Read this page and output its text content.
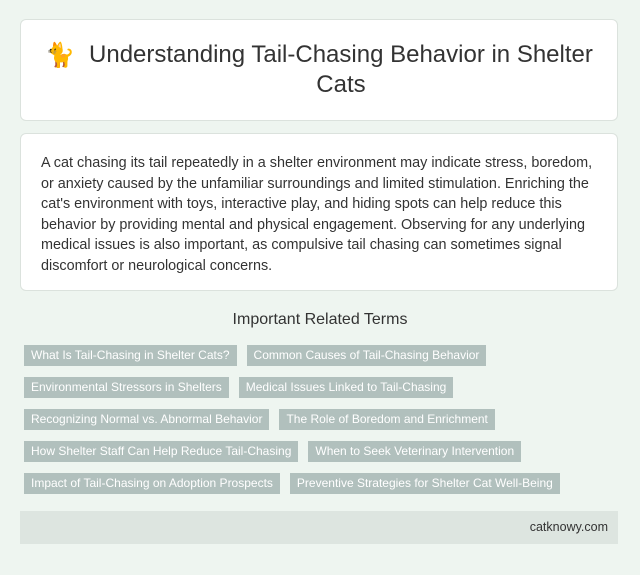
🐈 Understanding Tail-Chasing Behavior in Shelter Cats

A cat chasing its tail repeatedly in a shelter environment may indicate stress, boredom, or anxiety caused by the unfamiliar surroundings and limited stimulation. Enriching the cat's environment with toys, interactive play, and hiding spots can help reduce this behavior by providing mental and physical engagement. Observing for any underlying medical issues is also important, as compulsive tail chasing can sometimes signal discomfort or neurological concerns.

Important Related Terms
What Is Tail-Chasing in Shelter Cats?	Common Causes of Tail-Chasing Behavior
Environmental Stressors in Shelters	Medical Issues Linked to Tail-Chasing
Recognizing Normal vs. Abnormal Behavior	The Role of Boredom and Enrichment
How Shelter Staff Can Help Reduce Tail-Chasing	When to Seek Veterinary Intervention
Impact of Tail-Chasing on Adoption Prospects	Preventive Strategies for Shelter Cat Well-Being
catknowy.com
